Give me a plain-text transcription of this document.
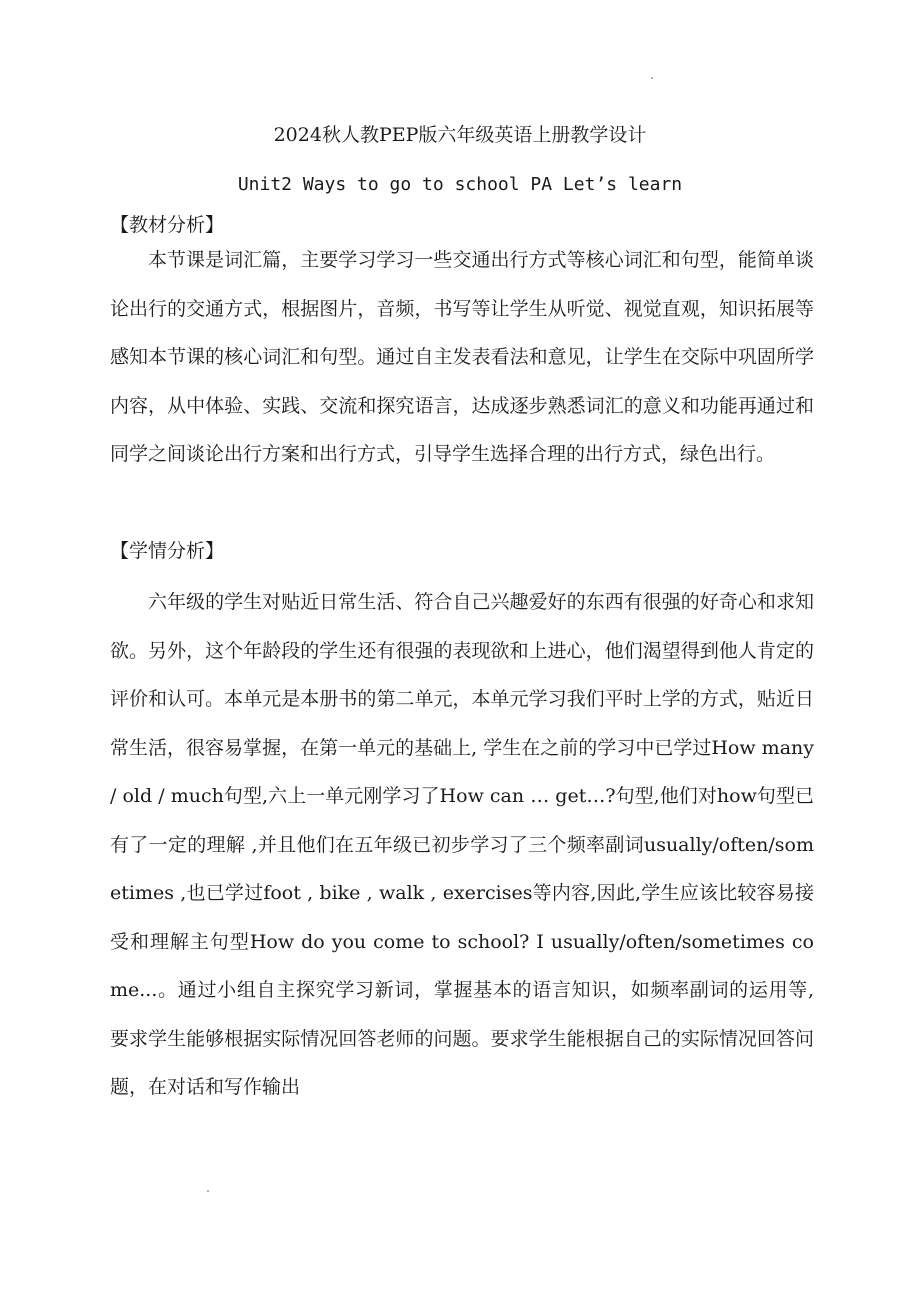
2024秋人教PEP版六年级英语上册教学设计
Unit2 Ways to go to school PA Let’s learn
【教材分析】

本节课是词汇篇，主要学习学习一些交通出行方式等核心词汇和句型，能简单谈论出行的交通方式，根据图片，音频，书写等让学生从听觉、视觉直观，知识拓展等感知本节课的核心词汇和句型。通过自主发表看法和意见，让学生在交际中巩固所学内容，从中体验、实践、交流和探究语言，达成逐步熟悉词汇的意义和功能再通过和同学之间谈论出行方案和出行方式，引导学生选择合理的出行方式，绿色出行。

【学情分析】

六年级的学生对贴近日常生活、符合自己兴趣爱好的东西有很强的好奇心和求知欲。另外，这个年龄段的学生还有很强的表现欲和上进心，他们渴望得到他人肯定的评价和认可。本单元是本册书的第二单元，本单元学习我们平时上学的方式，贴近日常生活，很容易掌握，在第一单元的基础上, 学生在之前的学习中已学过How many / old / much句型,六上一单元刚学习了How can … get…?句型,他们对how句型已有了一定的理解 ,并且他们在五年级已初步学习了三个频率副词usually/often/sometimes ,也已学过foot , bike , walk , exercises等内容,因此,学生应该比较容易接受和理解主句型How do you come to school? I usually/often/sometimes come...。通过小组自主探究学习新词，掌握基本的语言知识，如频率副词的运用等, 要求学生能够根据实际情况回答老师的问题。要求学生能根据自己的实际情况回答问题，在对话和写作输出
